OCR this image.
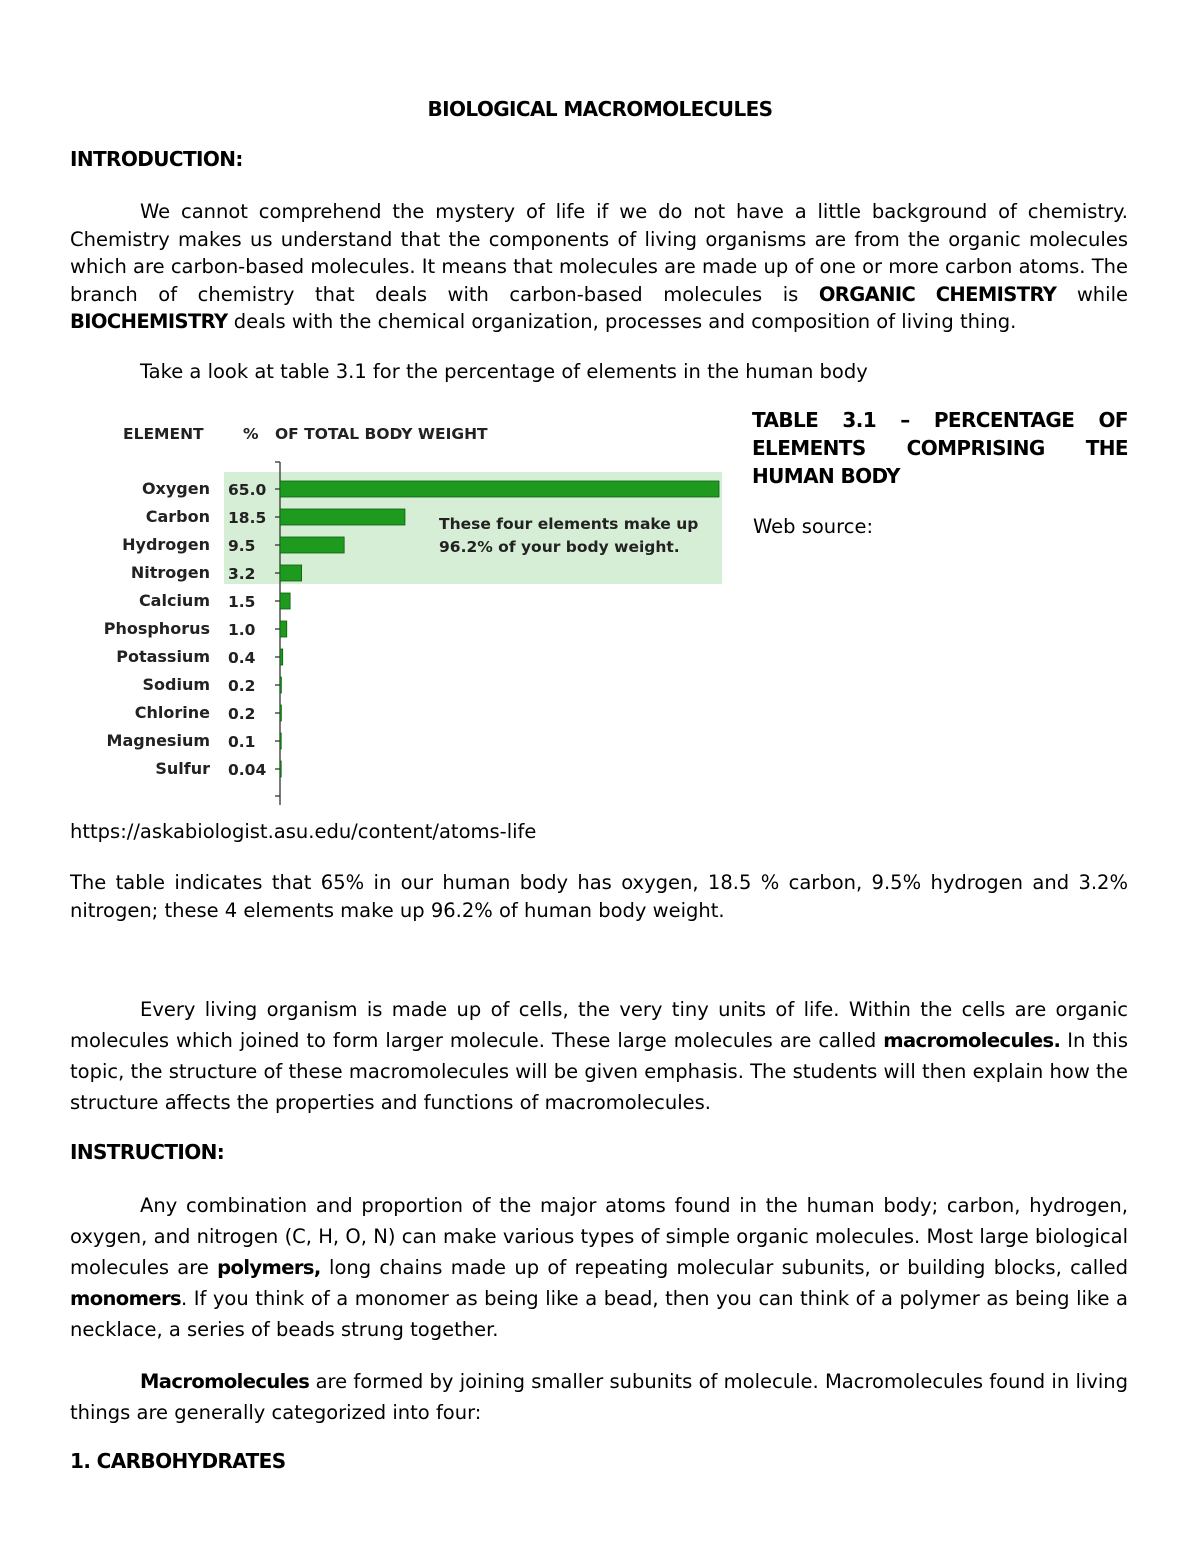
BIOLOGICAL MACROMOLECULES
INTRODUCTION:
We cannot comprehend the mystery of life if we do not have a little background of chemistry. Chemistry makes us understand that the components of living organisms are from the organic molecules which are carbon-based molecules. It means that molecules are made up of one or more carbon atoms. The branch of chemistry that deals with carbon-based molecules is ORGANIC CHEMISTRY while BIOCHEMISTRY deals with the chemical organization, processes and composition of living thing.
Take a look at table 3.1 for the percentage of elements in the human body
ELEMENT	% OF TOTAL BODY WEIGHT
Oxygen 65.0
Carbon 18.5
Hydrogen 9.5
Nitrogen 3.2
Calcium 1.5
Phosphorus 1.0
Potassium 0.4
Sodium 0.2
Chlorine 0.2
Magnesium 0.1
Sulfur 0.04
These four elements make up
96.2% of your body weight.
TABLE 3.1 – PERCENTAGE OF ELEMENTS COMPRISING THE HUMAN BODY
Web source:
https://askabiologist.asu.edu/content/atoms-life
The table indicates that 65% in our human body has oxygen, 18.5 % carbon, 9.5% hydrogen and 3.2% nitrogen; these 4 elements make up 96.2% of human body weight.
Every living organism is made up of cells, the very tiny units of life. Within the cells are organic molecules which joined to form larger molecule. These large molecules are called macromolecules. In this topic, the structure of these macromolecules will be given emphasis. The students will then explain how the structure affects the properties and functions of macromolecules.
INSTRUCTION:
Any combination and proportion of the major atoms found in the human body; carbon, hydrogen, oxygen, and nitrogen (C, H, O, N) can make various types of simple organic molecules. Most large biological molecules are polymers, long chains made up of repeating molecular subunits, or building blocks, called monomers. If you think of a monomer as being like a bead, then you can think of a polymer as being like a necklace, a series of beads strung together.
Macromolecules are formed by joining smaller subunits of molecule. Macromolecules found in living things are generally categorized into four:
1. CARBOHYDRATES
